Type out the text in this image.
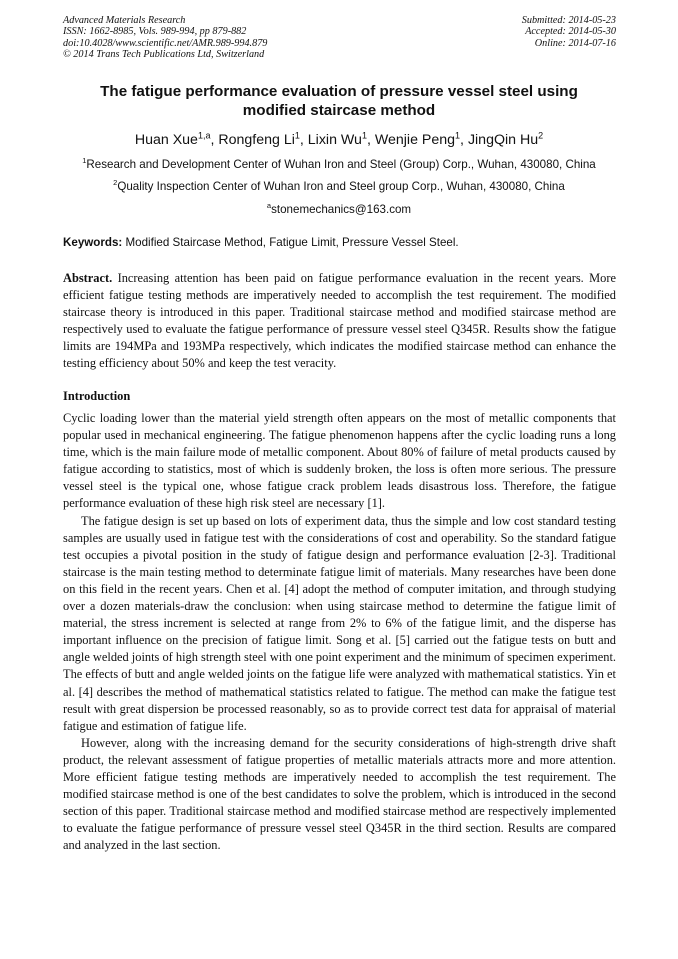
Advanced Materials Research
ISSN: 1662-8985, Vols. 989-994, pp 879-882
doi:10.4028/www.scientific.net/AMR.989-994.879
© 2014 Trans Tech Publications Ltd, Switzerland
Submitted: 2014-05-23
Accepted: 2014-05-30
Online: 2014-07-16
The fatigue performance evaluation of pressure vessel steel using
modified staircase method
Huan Xue$^{1,a}$, Rongfeng Li$^1$, Lixin Wu$^1$, Wenjie Peng$^1$, JingQin Hu$^2$
$^1$Research and Development Center of Wuhan Iron and Steel (Group) Corp., Wuhan, 430080, China
$^2$Quality Inspection Center of Wuhan Iron and Steel group Corp., Wuhan, 430080, China
$^a$stonemechanics@163.com
Keywords: Modified Staircase Method, Fatigue Limit, Pressure Vessel Steel.
Abstract. Increasing attention has been paid on fatigue performance evaluation in the recent years. More efficient fatigue testing methods are imperatively needed to accomplish the test requirement. The modified staircase theory is introduced in this paper. Traditional staircase method and modified staircase method are respectively used to evaluate the fatigue performance of pressure vessel steel Q345R. Results show the fatigue limits are 194MPa and 193MPa respectively, which indicates the modified staircase method can enhance the testing efficiency about 50% and keep the test veracity.
Introduction

Cyclic loading lower than the material yield strength often appears on the most of metallic components that popular used in mechanical engineering. The fatigue phenomenon happens after the cyclic loading runs a long time, which is the main failure mode of metallic component. About 80% of failure of metal products caused by fatigue according to statistics, most of which is suddenly broken, the loss is often more serious. The pressure vessel steel is the typical one, whose fatigue crack problem leads disastrous loss. Therefore, the fatigue performance evaluation of these high risk steel are necessary [1].

The fatigue design is set up based on lots of experiment data, thus the simple and low cost standard testing samples are usually used in fatigue test with the considerations of cost and operability. So the standard fatigue test occupies a pivotal position in the study of fatigue design and performance evaluation [2-3]. Traditional staircase is the main testing method to determinate fatigue limit of materials. Many researches have been done on this field in the recent years. Chen et al. [4] adopt the method of computer imitation, and through studying over a dozen materials-draw the conclusion: when using staircase method to determine the fatigue limit of material, the stress increment is selected at range from 2% to 6% of the fatigue limit, and the disperse has important influence on the precision of fatigue limit. Song et al. [5] carried out the fatigue tests on butt and angle welded joints of high strength steel with one point experiment and the minimum of specimen experiment. The effects of butt and angle welded joints on the fatigue life were analyzed with mathematical statistics. Yin et al. [4] describes the method of mathematical statistics related to fatigue. The method can make the fatigue test result with great dispersion be processed reasonably, so as to provide correct test data for appraisal of material fatigue and estimation of fatigue life.

However, along with the increasing demand for the security considerations of high-strength drive shaft product, the relevant assessment of fatigue properties of metallic materials attracts more and more attention. More efficient fatigue testing methods are imperatively needed to accomplish the test requirement. The modified staircase method is one of the best candidates to solve the problem, which is introduced in the second section of this paper. Traditional staircase method and modified staircase method are respectively implemented to evaluate the fatigue performance of pressure vessel steel Q345R in the third section. Results are compared and analyzed in the last section.
